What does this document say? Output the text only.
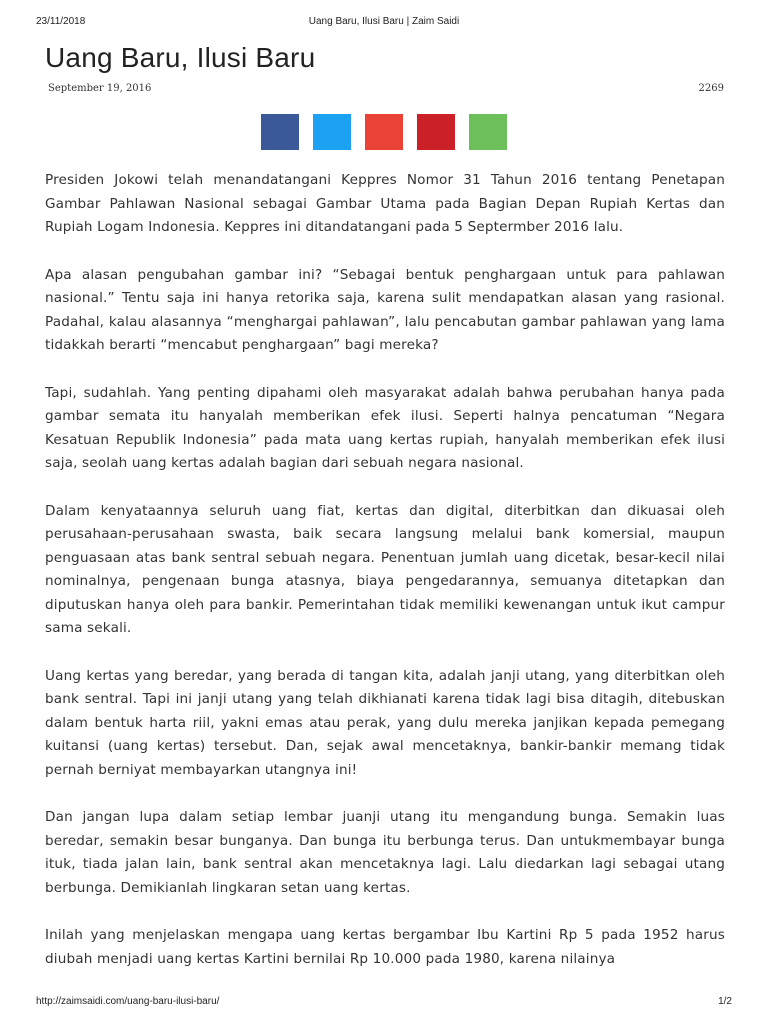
23/11/2018	Uang Baru, Ilusi Baru | Zaim Saidi
Uang Baru, Ilusi Baru
September 19, 2016	2269

Presiden Jokowi telah menandatangani Keppres Nomor 31 Tahun 2016 tentang Penetapan Gambar Pahlawan Nasional sebagai Gambar Utama pada Bagian Depan Rupiah Kertas dan Rupiah Logam Indonesia. Keppres ini ditandatangani pada 5 Septermber 2016 lalu.

Apa alasan pengubahan gambar ini? “Sebagai bentuk penghargaan untuk para pahlawan nasional.” Tentu saja ini hanya retorika saja, karena sulit mendapatkan alasan yang rasional. Padahal, kalau alasannya “menghargai pahlawan”, lalu pencabutan gambar pahlawan yang lama tidakkah berarti “mencabut penghargaan” bagi mereka?

Tapi, sudahlah. Yang penting dipahami oleh masyarakat adalah bahwa perubahan hanya pada gambar semata itu hanyalah memberikan efek ilusi. Seperti halnya pencatuman “Negara Kesatuan Republik Indonesia” pada mata uang kertas rupiah, hanyalah memberikan efek ilusi saja, seolah uang kertas adalah bagian dari sebuah negara nasional.

Dalam kenyataannya seluruh uang fiat, kertas dan digital, diterbitkan dan dikuasai oleh perusahaan-perusahaan swasta, baik secara langsung melalui bank komersial, maupun penguasaan atas bank sentral sebuah negara. Penentuan jumlah uang dicetak, besar-kecil nilai nominalnya, pengenaan bunga atasnya, biaya pengedarannya, semuanya ditetapkan dan diputuskan hanya oleh para bankir. Pemerintahan tidak memiliki kewenangan untuk ikut campur sama sekali.

Uang kertas yang beredar, yang berada di tangan kita, adalah janji utang, yang diterbitkan oleh bank sentral. Tapi ini janji utang yang telah dikhianati karena tidak lagi bisa ditagih, ditebuskan dalam bentuk harta riil, yakni emas atau perak, yang dulu mereka janjikan kepada pemegang kuitansi (uang kertas) tersebut. Dan, sejak awal mencetaknya, bankir-bankir memang tidak pernah berniyat membayarkan utangnya ini!

Dan jangan lupa dalam setiap lembar juanji utang itu mengandung bunga. Semakin luas beredar, semakin besar bunganya. Dan bunga itu berbunga terus. Dan untukmembayar bunga ituk, tiada jalan lain, bank sentral akan mencetaknya lagi. Lalu diedarkan lagi sebagai utang berbunga. Demikianlah lingkaran setan uang kertas.

Inilah yang menjelaskan mengapa uang kertas bergambar Ibu Kartini Rp 5 pada 1952 harus diubah menjadi uang kertas Kartini bernilai Rp 10.000 pada 1980, karena nilainya

http://zaimsaidi.com/uang-baru-ilusi-baru/	1/2
